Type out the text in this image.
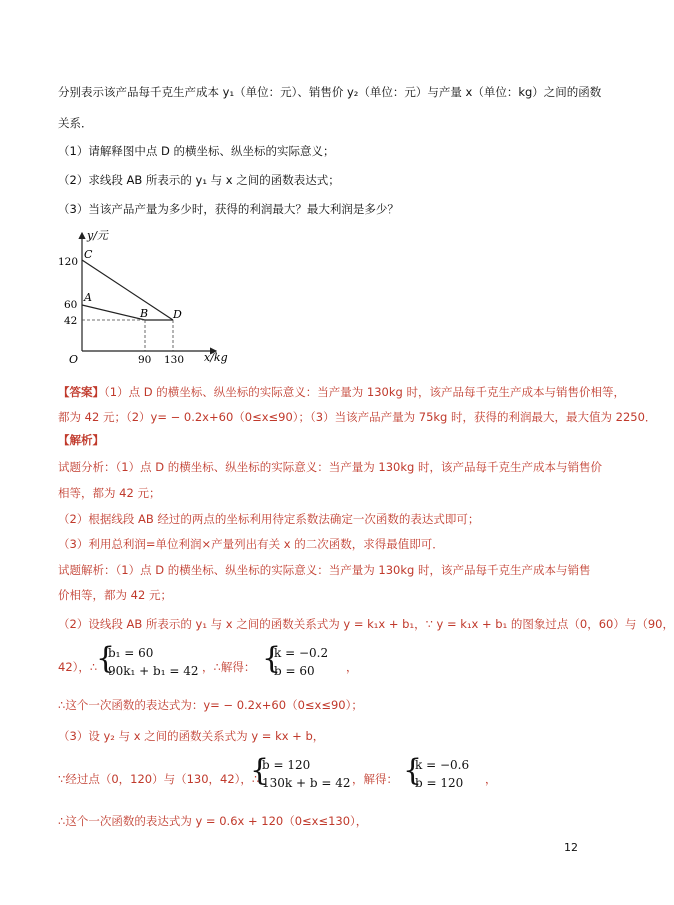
分别表示该产品每千克生产成本 y₁（单位：元）、销售价 y₂（单位：元）与产量 x（单位：kg）之间的函数
关系．
（1）请解释图中点 D 的横坐标、纵坐标的实际意义；
（2）求线段 AB 所表示的 y₁ 与 x 之间的函数表达式；
（3）当该产品产量为多少时，获得的利润最大？最大利润是多少？
y/元
x/kg
O
120
60
42
90 130
C
A
B D
【答案】（1）点 D 的横坐标、纵坐标的实际意义：当产量为 130kg 时，该产品每千克生产成本与销售价相等，
都为 42 元；（2）y= − 0.2x+60（0≤x≤90）；（3）当该产品产量为 75kg 时，获得的利润最大，最大值为 2250．
【解析】
试题分析：（1）点 D 的横坐标、纵坐标的实际意义：当产量为 130kg 时，该产品每千克生产成本与销售价
相等，都为 42 元；
（2）根据线段 AB 经过的两点的坐标利用待定系数法确定一次函数的表达式即可；
（3）利用总利润=单位利润×产量列出有关 x 的二次函数，求得最值即可．
试题解析：（1）点 D 的横坐标、纵坐标的实际意义：当产量为 130kg 时，该产品每千克生产成本与销售
价相等，都为 42 元；
（2）设线段 AB 所表示的 y₁ 与 x 之间的函数关系式为 y = k₁x + b₁，∵ y = k₁x + b₁ 的图象过点（0，60）与（90，
42），∴
{
b₁ = 60
90k₁ + b₁ = 42 ，∴解得： {
k = −0.2
b = 60	，
∴这个一次函数的表达式为：y= − 0.2x+60（0≤x≤90）；
（3）设 y₂ 与 x 之间的函数关系式为 y = kx + b，
∵经过点（0，120）与（130，42），∴
{
b = 120
130k + b = 42 ，解得： {
k = −0.6
b = 120 ，
∴这个一次函数的表达式为 y = 0.6x + 120（0≤x≤130），
12
